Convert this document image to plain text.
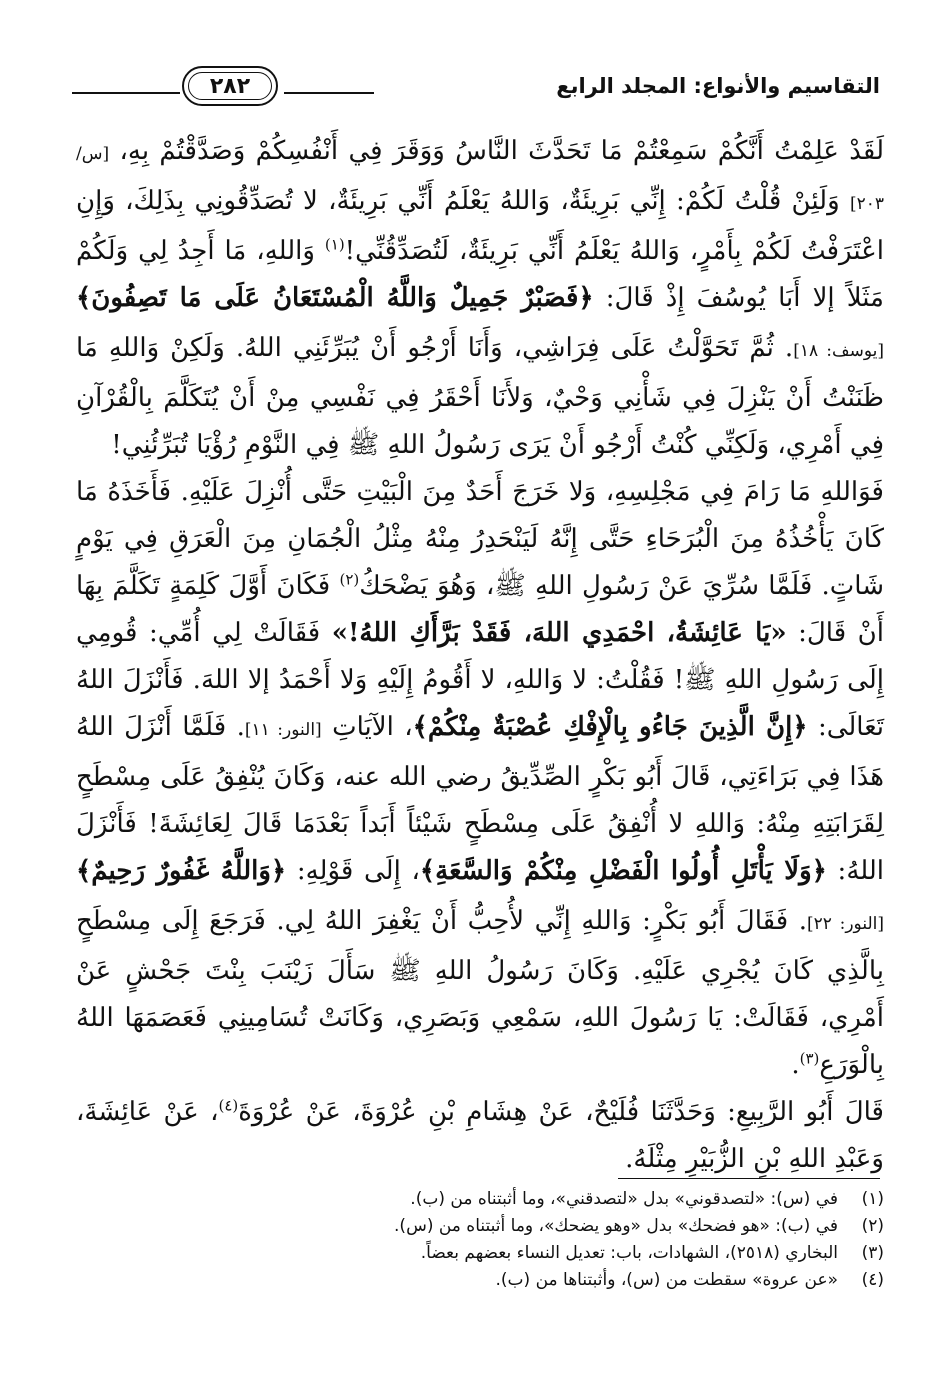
٢٨٢	التقاسيم والأنواع: المجلد الرابع

لَقَدْ عَلِمْتُ أَنَّكُمْ سَمِعْتُمْ مَا تَحَدَّثَ النَّاسُ وَوَقَرَ فِي أَنْفُسِكُمْ وَصَدَّقْتُمْ بِهِ، [س/ ٢٠٣] وَلَئِنْ قُلْتُ لَكُمْ: إِنِّي بَرِيئَةٌ، وَاللهُ يَعْلَمُ أَنِّي بَرِيئَةٌ، لا تُصَدِّقُونِي بِذَلِكَ، وَإِنِ اعْتَرَفْتُ لَكُمْ بِأَمْرٍ، وَاللهُ يَعْلَمُ أَنِّي بَرِيئَةٌ، لَتُصَدِّقُنِّي!$^{(١)}$ وَاللهِ، مَا أَجِدُ لِي وَلَكُمْ مَثَلاً إلا أَبَا يُوسُفَ إِذْ قَالَ: ﴿فَصَبْرٌ جَمِيلٌ وَاللَّهُ الْمُسْتَعَانُ عَلَى مَا تَصِفُونَ﴾ [يوسف: ١٨]. ثُمَّ تَحَوَّلْتُ عَلَى فِرَاشِي، وَأَنَا أَرْجُو أَنْ يُبَرِّئَنِي اللهُ. وَلَكِنْ وَاللهِ مَا ظَنَنْتُ أَنْ يَنْزِلَ فِي شَأْنِي وَحْيٌ، وَلأَنَا أَحْقَرُ فِي نَفْسِي مِنْ أَنْ يُتَكَلَّمَ بِالْقُرْآنِ فِي أَمْرِي، وَلَكِنِّي كُنْتُ أَرْجُو أَنْ يَرَى رَسُولُ اللهِ ﷺ فِي النَّوْمِ رُؤْيَا تُبَرِّئُنِي!

فَوَاللهِ مَا رَامَ فِي مَجْلِسِهِ، وَلا خَرَجَ أَحَدٌ مِنَ الْبَيْتِ حَتَّى أُنْزِلَ عَلَيْهِ. فَأَخَذَهُ مَا كَانَ يَأْخُذُهُ مِنَ الْبُرَحَاءِ حَتَّى إِنَّهُ لَيَنْحَدِرُ مِنْهُ مِثْلُ الْجُمَانِ مِنَ الْعَرَقِ فِي يَوْمٍ شَاتٍ. فَلَمَّا سُرِّيَ عَنْ رَسُولِ اللهِ ﷺ، وَهُوَ يَضْحَكُ$^{(٢)}$ فَكَانَ أَوَّلَ كَلِمَةٍ تَكَلَّمَ بِهَا أَنْ قَالَ: «يَا عَائِشَةُ، احْمَدِي اللهَ، فَقَدْ بَرَّأَكِ اللهُ!» فَقَالَتْ لِي أُمِّي: قُومِي إِلَى رَسُولِ اللهِ ﷺ! فَقُلْتُ: لا وَاللهِ، لا أَقُومُ إِلَيْهِ وَلا أَحْمَدُ إلا اللهَ. فَأَنْزَلَ اللهُ تَعَالَى: ﴿إِنَّ الَّذِينَ جَاءُو بِالْإِفْكِ عُصْبَةٌ مِنْكُمْ﴾، الآيَاتِ [النور: ١١]. فَلَمَّا أَنْزَلَ اللهُ هَذَا فِي بَرَاءَتِي، قَالَ أَبُو بَكْرٍ الصِّدِّيقُ رضي الله عنه، وَكَانَ يُنْفِقُ عَلَى مِسْطَحٍ لِقَرَابَتِهِ مِنْهُ: وَاللهِ لا أُنْفِقُ عَلَى مِسْطَحٍ شَيْئاً أَبَداً بَعْدَمَا قَالَ لِعَائِشَةَ! فَأَنْزَلَ اللهُ: ﴿وَلَا يَأْتَلِ أُولُوا الْفَضْلِ مِنْكُمْ وَالسَّعَةِ﴾، إِلَى قَوْلِهِ: ﴿وَاللَّهُ غَفُورٌ رَحِيمٌ﴾ [النور: ٢٢]. فَقَالَ أَبُو بَكْرٍ: وَاللهِ إِنِّي لأُحِبُّ أَنْ يَغْفِرَ اللهُ لِي. فَرَجَعَ إِلَى مِسْطَحٍ بِالَّذِي كَانَ يُجْرِي عَلَيْهِ. وَكَانَ رَسُولُ اللهِ ﷺ سَأَلَ زَيْنَبَ بِنْتَ جَحْشٍ عَنْ أَمْرِي، فَقَالَتْ: يَا رَسُولَ اللهِ، سَمْعِي وَبَصَرِي، وَكَانَتْ تُسَامِينِي فَعَصَمَهَا اللهُ بِالْوَرَعِ$^{(٣)}$.

قَالَ أَبُو الرَّبِيعِ: وَحَدَّثَنَا فُلَيْحٌ، عَنْ هِشَامِ بْنِ عُرْوَةَ، عَنْ عُرْوَةَ$^{(٤)}$، عَنْ عَائِشَةَ، وَعَبْدِ اللهِ بْنِ الزُّبَيْرِ مِثْلَهُ.

(١)في (س): «لتصدقوني» بدل «لتصدقني»، وما أثبتناه من (ب).

(٢)في (ب): «هو فضحك» بدل «وهو يضحك»، وما أثبتناه من (س).

(٣)البخاري (٢٥١٨)، الشهادات، باب: تعديل النساء بعضهم بعضاً.

(٤)«عن عروة» سقطت من (س)، وأثبتناها من (ب).
